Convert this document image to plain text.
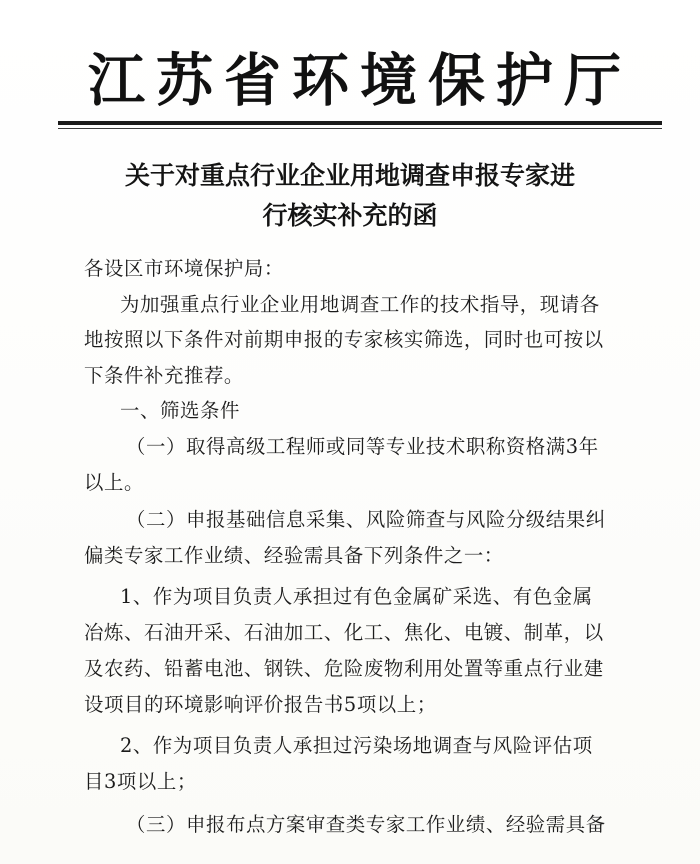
江苏省环境保护厅
关于对重点行业企业用地调查申报专家进
行核实补充的函
各设区市环境保护局：
为加强重点行业企业用地调查工作的技术指导，现请各
地按照以下条件对前期申报的专家核实筛选，同时也可按以
下条件补充推荐。
一、筛选条件
（一）取得高级工程师或同等专业技术职称资格满3年
以上。
（二）申报基础信息采集、风险筛查与风险分级结果纠
偏类专家工作业绩、经验需具备下列条件之一：
1、作为项目负责人承担过有色金属矿采选、有色金属
冶炼、石油开采、石油加工、化工、焦化、电镀、制革，以
及农药、铅蓄电池、钢铁、危险废物利用处置等重点行业建
设项目的环境影响评价报告书5项以上；
2、作为项目负责人承担过污染场地调查与风险评估项
目3项以上；
（三）申报布点方案审查类专家工作业绩、经验需具备
